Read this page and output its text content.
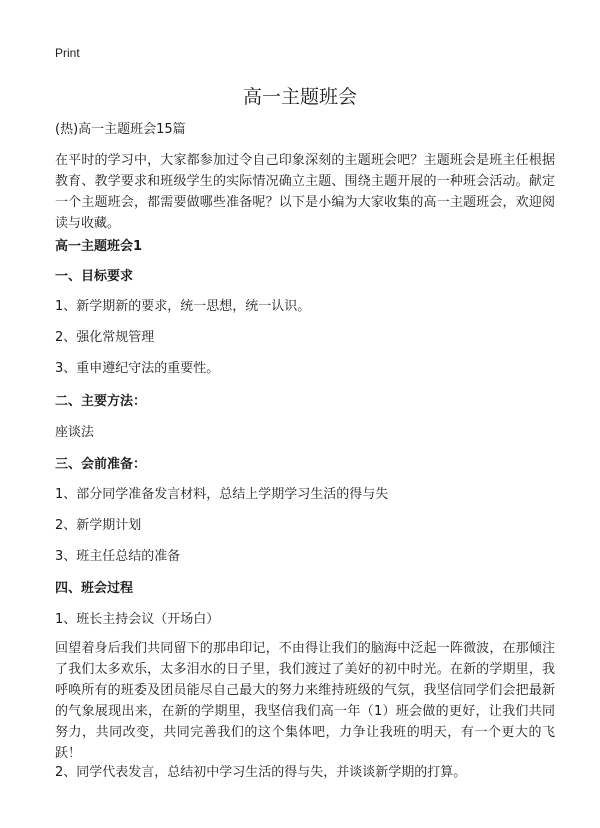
Print
高一主题班会

(热)高一主题班会15篇

在平时的学习中，大家都参加过令自己印象深刻的主题班会吧？主题班会是班主任根据教育、教学要求和班级学生的实际情况确立主题、围绕主题开展的一种班会活动。献定一个主题班会，都需要做哪些准备呢？以下是小编为大家收集的高一主题班会，欢迎阅读与收藏。

高一主题班会1

一、目标要求

1、新学期新的要求，统一思想，统一认识。

2、强化常规管理

3、重申遵纪守法的重要性。

二、主要方法：

座谈法

三、会前准备：

1、部分同学准备发言材料，总结上学期学习生活的得与失

2、新学期计划

3、班主任总结的准备

四、班会过程

1、班长主持会议（开场白）

回望着身后我们共同留下的那串印记，不由得让我们的脑海中泛起一阵微波，在那倾注了我们太多欢乐，太多泪水的日子里，我们渡过了美好的初中时光。在新的学期里，我呼唤所有的班委及团员能尽自己最大的努力来维持班级的气氛，我坚信同学们会把最新的气象展现出来，在新的学期里，我坚信我们高一年（1）班会做的更好，让我们共同努力，共同改变，共同完善我们的这个集体吧，力争让我班的明天，有一个更大的飞跃！

2、同学代表发言，总结初中学习生活的得与失，并谈谈新学期的打算。
